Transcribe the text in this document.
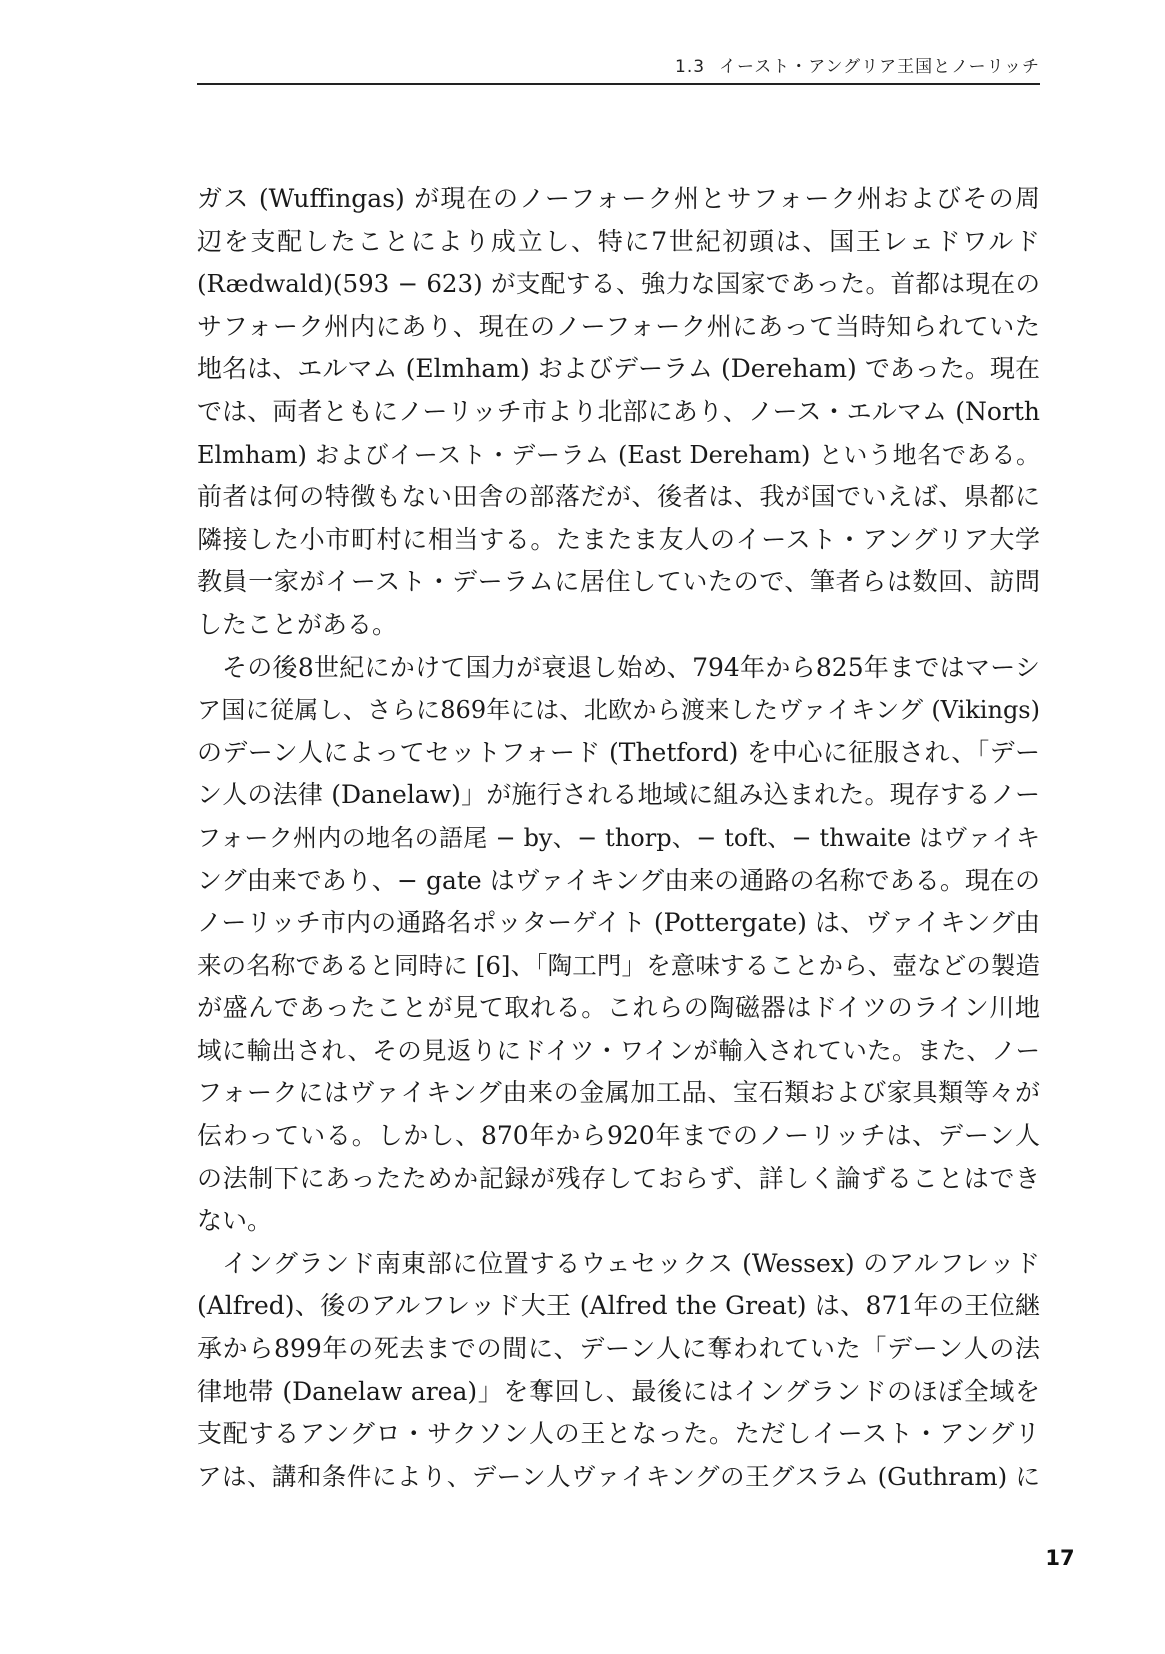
1.3 イースト・アングリア王国とノーリッチ
ガス (Wuffingas) が現在のノーフォーク州とサフォーク州およびその周
辺を支配したことにより成立し、特に7世紀初頭は、国王レェドワルド
(Rædwald)(593 − 623) が支配する、強力な国家であった。首都は現在の
サフォーク州内にあり、現在のノーフォーク州にあって当時知られていた
地名は、エルマム (Elmham) およびデーラム (Dereham) であった。現在
では、両者ともにノーリッチ市より北部にあり、ノース・エルマム (North
Elmham) およびイースト・デーラム (East Dereham) という地名である。
前者は何の特徴もない田舎の部落だが、後者は、我が国でいえば、県都に
隣接した小市町村に相当する。たまたま友人のイースト・アングリア大学
教員一家がイースト・デーラムに居住していたので、筆者らは数回、訪問
したことがある。
その後8世紀にかけて国力が衰退し始め、794年から825年まではマーシ
ア国に従属し、さらに869年には、北欧から渡来したヴァイキング (Vikings)
のデーン人によってセットフォード (Thetford) を中心に征服され、「デー
ン人の法律 (Danelaw)」が施行される地域に組み込まれた。現存するノー
フォーク州内の地名の語尾 − by、− thorp、− toft、− thwaite はヴァイキ
ング由来であり、− gate はヴァイキング由来の通路の名称である。現在の
ノーリッチ市内の通路名ポッターゲイト (Pottergate) は、ヴァイキング由
来の名称であると同時に [6]、「陶工門」を意味することから、壺などの製造
が盛んであったことが見て取れる。これらの陶磁器はドイツのライン川地
域に輸出され、その見返りにドイツ・ワインが輸入されていた。また、ノー
フォークにはヴァイキング由来の金属加工品、宝石類および家具類等々が
伝わっている。しかし、870年から920年までのノーリッチは、デーン人
の法制下にあったためか記録が残存しておらず、詳しく論ずることはでき
ない。
イングランド南東部に位置するウェセックス (Wessex) のアルフレッド
(Alfred)、後のアルフレッド大王 (Alfred the Great) は、871年の王位継
承から899年の死去までの間に、デーン人に奪われていた「デーン人の法
律地帯 (Danelaw area)」を奪回し、最後にはイングランドのほぼ全域を
支配するアングロ・サクソン人の王となった。ただしイースト・アングリ
アは、講和条件により、デーン人ヴァイキングの王グスラム (Guthram) に
17
